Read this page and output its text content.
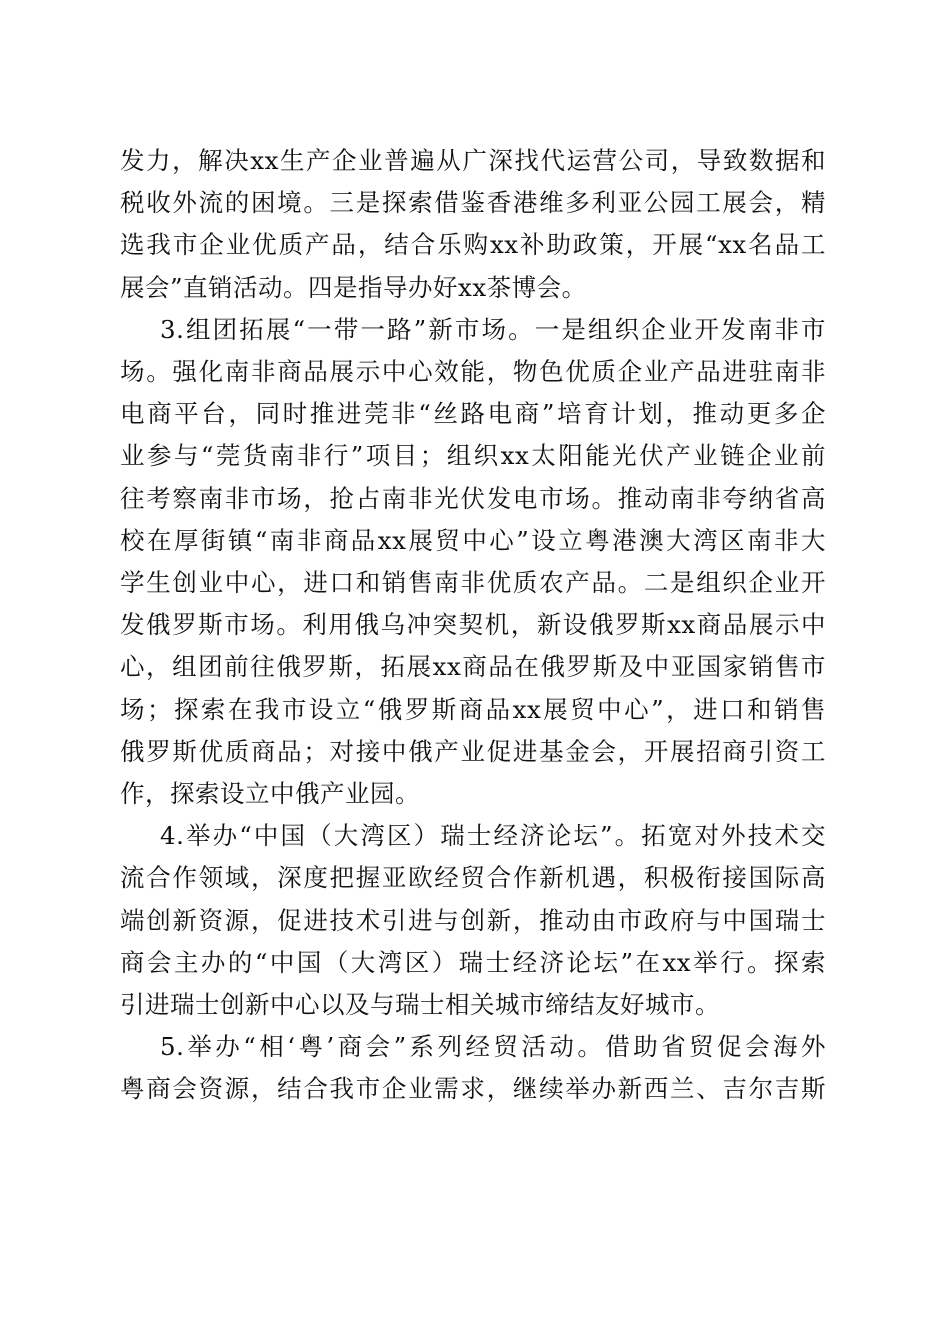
发力，解决xx生产企业普遍从广深找代运营公司，导致数据和
税收外流的困境。三是探索借鉴香港维多利亚公园工展会，精
选我市企业优质产品，结合乐购xx补助政策，开展“xx名品工
展会”直销活动。四是指导办好xx茶博会。

3.组团拓展“一带一路”新市场。一是组织企业开发南非市
场。强化南非商品展示中心效能，物色优质企业产品进驻南非
电商平台，同时推进莞非“丝路电商”培育计划，推动更多企
业参与“莞货南非行”项目；组织xx太阳能光伏产业链企业前
往考察南非市场，抢占南非光伏发电市场。推动南非夸纳省高
校在厚街镇“南非商品xx展贸中心”设立粤港澳大湾区南非大
学生创业中心，进口和销售南非优质农产品。二是组织企业开
发俄罗斯市场。利用俄乌冲突契机，新设俄罗斯xx商品展示中
心，组团前往俄罗斯，拓展xx商品在俄罗斯及中亚国家销售市
场；探索在我市设立“俄罗斯商品xx展贸中心”，进口和销售
俄罗斯优质商品；对接中俄产业促进基金会，开展招商引资工
作，探索设立中俄产业园。

4.举办“中国（大湾区）瑞士经济论坛”。拓宽对外技术交
流合作领域，深度把握亚欧经贸合作新机遇，积极衔接国际高
端创新资源，促进技术引进与创新，推动由市政府与中国瑞士
商会主办的“中国（大湾区）瑞士经济论坛”在xx举行。探索
引进瑞士创新中心以及与瑞士相关城市缔结友好城市。

5.举办“相‘粤’商会”系列经贸活动。借助省贸促会海外
粤商会资源，结合我市企业需求，继续举办新西兰、吉尔吉斯
